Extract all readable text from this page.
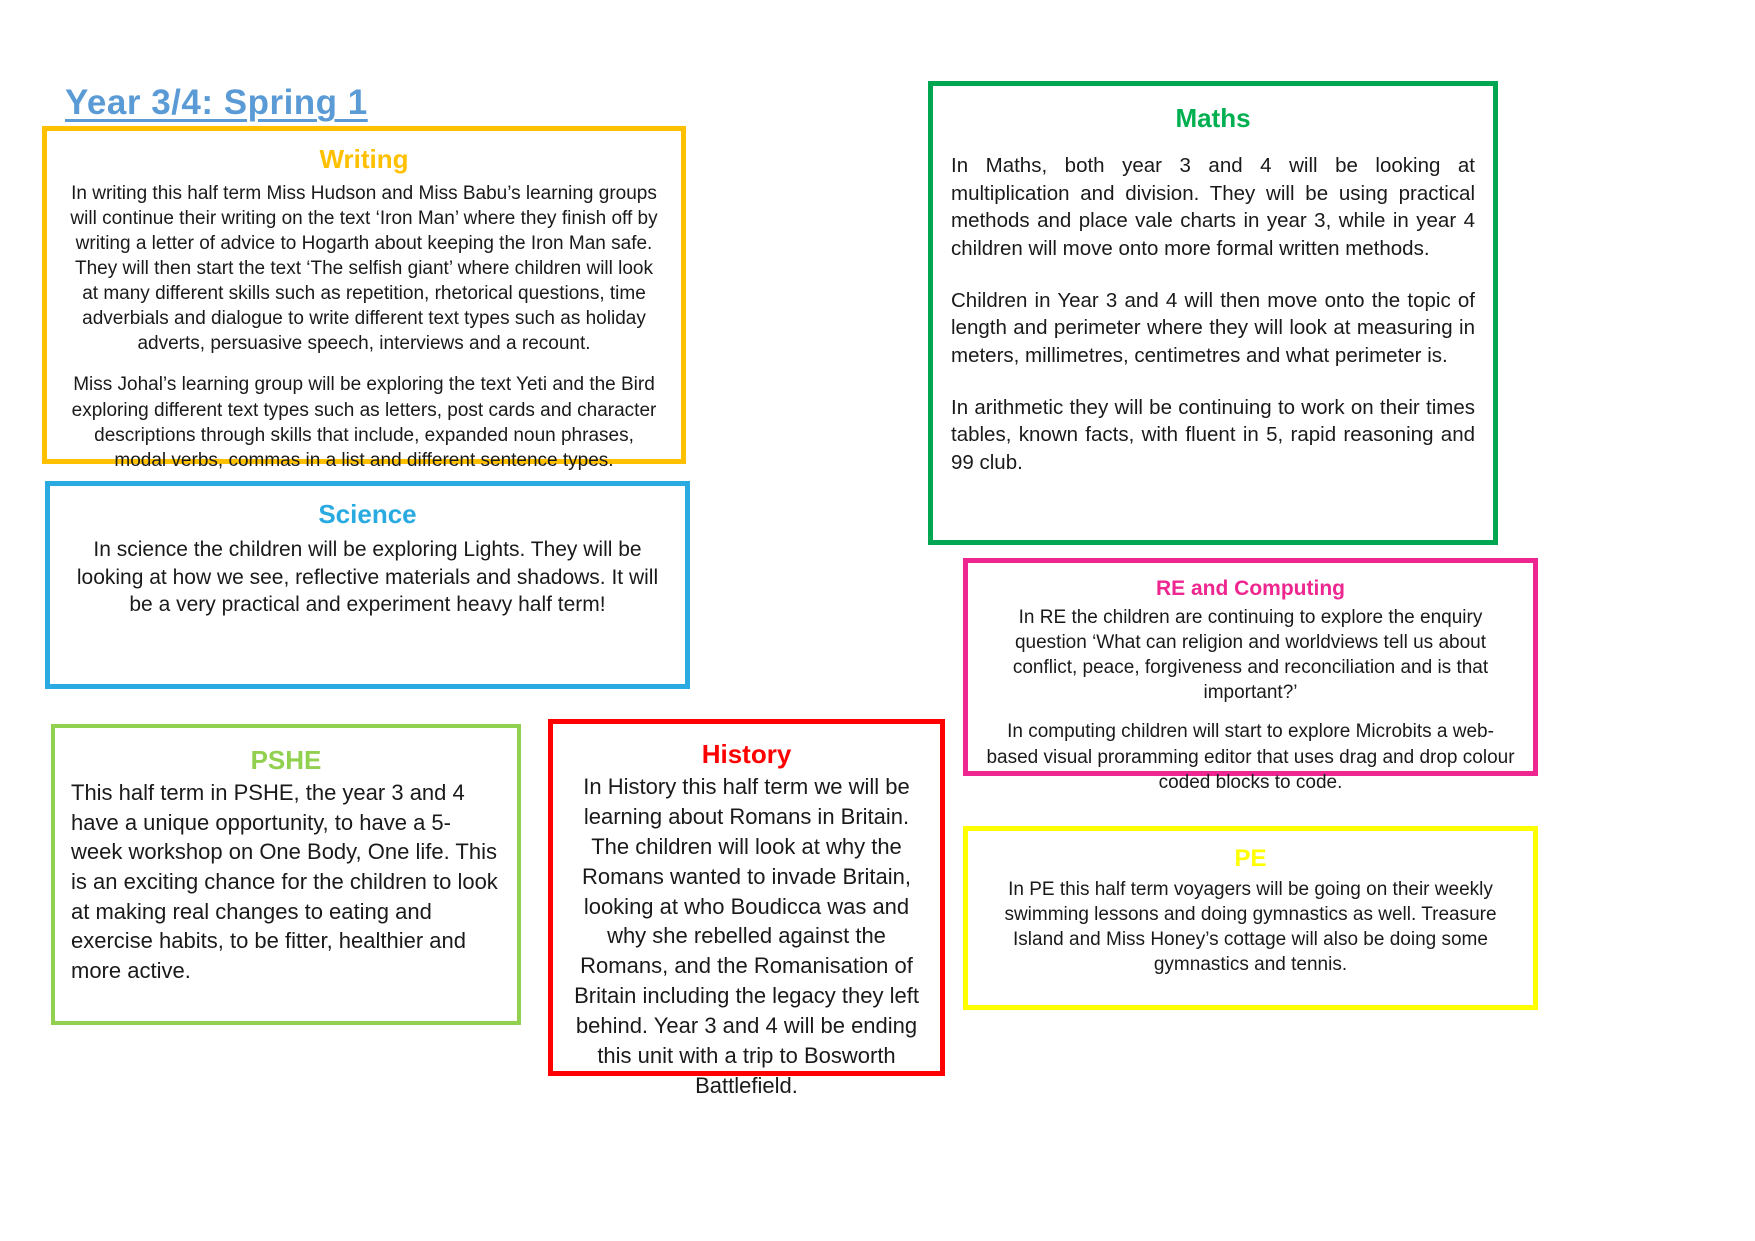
Year 3/4: Spring 1
Writing

In writing this half term Miss Hudson and Miss Babu’s learning groups will continue their writing on the text ‘Iron Man’ where they finish off by writing a letter of advice to Hogarth about keeping the Iron Man safe. They will then start the text ‘The selfish giant’ where children will look at many different skills such as repetition, rhetorical questions, time adverbials and dialogue to write different text types such as holiday adverts, persuasive speech, interviews and a recount.

Miss Johal’s learning group will be exploring the text Yeti and the Bird exploring different text types such as letters, post cards and character descriptions through skills that include, expanded noun phrases, modal verbs, commas in a list and different sentence types.

Science

In science the children will be exploring Lights. They will be looking at how we see, reflective materials and shadows. It will be a very practical and experiment heavy half term!

PSHE

This half term in PSHE, the year 3 and 4 have a unique opportunity, to have a 5-week workshop on One Body, One life. This is an exciting chance for the children to look at making real changes to eating and exercise habits, to be fitter, healthier and more active.

History

In History this half term we will be learning about Romans in Britain. The children will look at why the Romans wanted to invade Britain, looking at who Boudicca was and why she rebelled against the Romans, and the Romanisation of Britain including the legacy they left behind. Year 3 and 4 will be ending this unit with a trip to Bosworth Battlefield.

Maths

In Maths, both year 3 and 4 will be looking at multiplication and division. They will be using practical methods and place vale charts in year 3, while in year 4 children will move onto more formal written methods.

Children in Year 3 and 4 will then move onto the topic of length and perimeter where they will look at measuring in meters, millimetres, centimetres and what perimeter is.

In arithmetic they will be continuing to work on their times tables, known facts, with fluent in 5, rapid reasoning and 99 club.

RE and Computing

In RE the children are continuing to explore the enquiry question ‘What can religion and worldviews tell us about conflict, peace, forgiveness and reconciliation and is that important?’

In computing children will start to explore Microbits a web-based visual proramming editor that uses drag and drop colour coded blocks to code.

PE

In PE this half term voyagers will be going on their weekly swimming lessons and doing gymnastics as well. Treasure Island and Miss Honey’s cottage will also be doing some gymnastics and tennis.
